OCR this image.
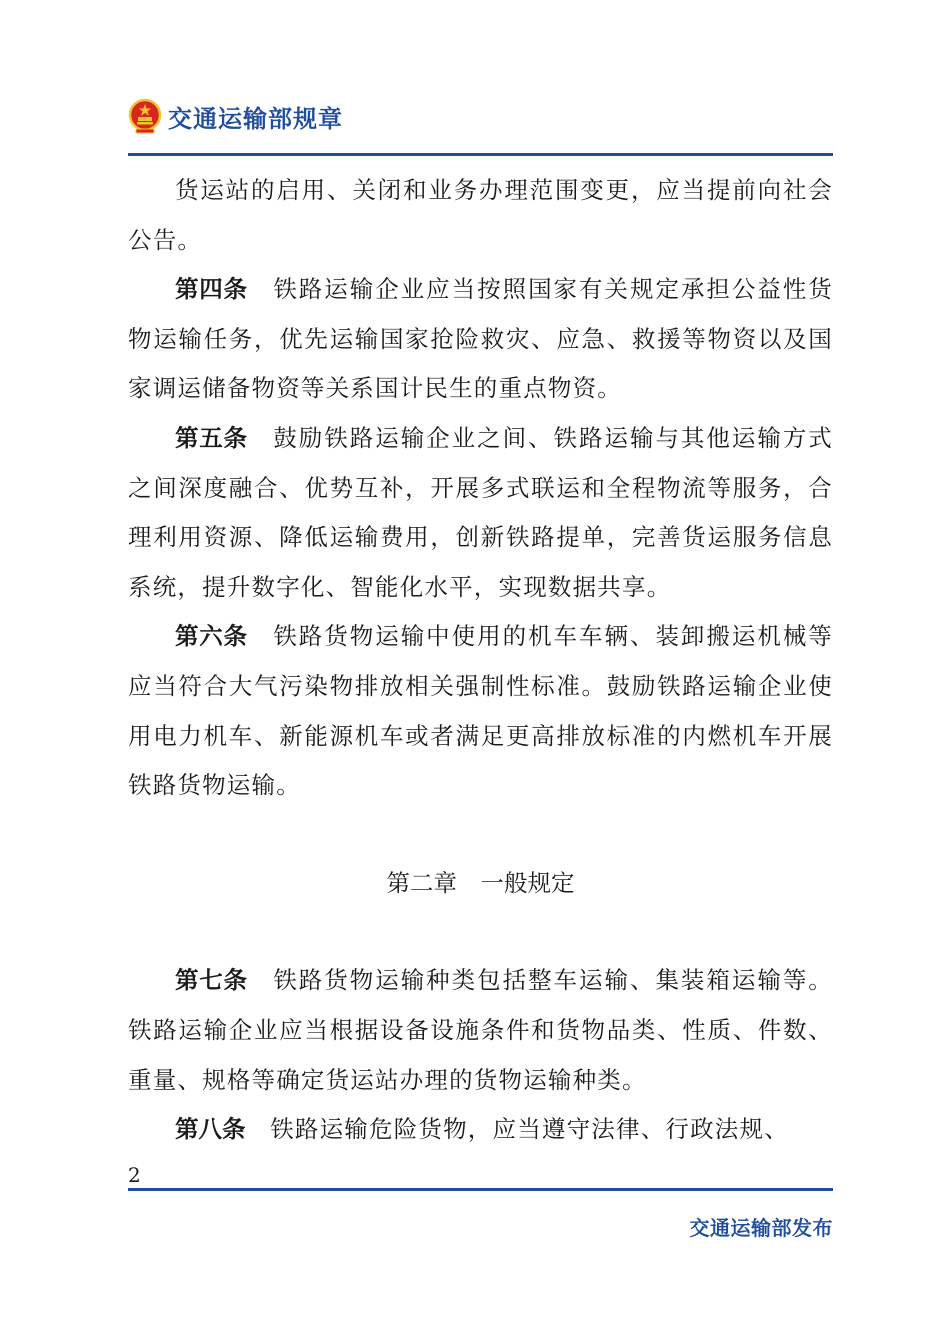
交通运输部规章

货运站的启用、关闭和业务办理范围变更，应当提前向社会公告。

第四条　 铁路运输企业应当按照国家有关规定承担公益性货物运输任务，优先运输国家抢险救灾、应急、救援等物资以及国家调运储备物资等关系国计民生的重点物资。

第五条　 鼓励铁路运输企业之间、铁路运输与其他运输方式之间深度融合、优势互补，开展多式联运和全程物流等服务，合理利用资源、降低运输费用，创新铁路提单，完善货运服务信息系统，提升数字化、智能化水平，实现数据共享。

第六条　 铁路货物运输中使用的机车车辆、装卸搬运机械等应当符合大气污染物排放相关强制性标准。鼓励铁路运输企业使用电力机车、新能源机车或者满足更高排放标准的内燃机车开展铁路货物运输。

第二章　一般规定

第七条　 铁路货物运输种类包括整车运输、集装箱运输等。铁路运输企业应当根据设备设施条件和货物品类、性质、件数、重量、规格等确定货运站办理的货物运输种类。

第八条　 铁路运输危险货物，应当遵守法律、行政法规、

2
交通运输部发布
